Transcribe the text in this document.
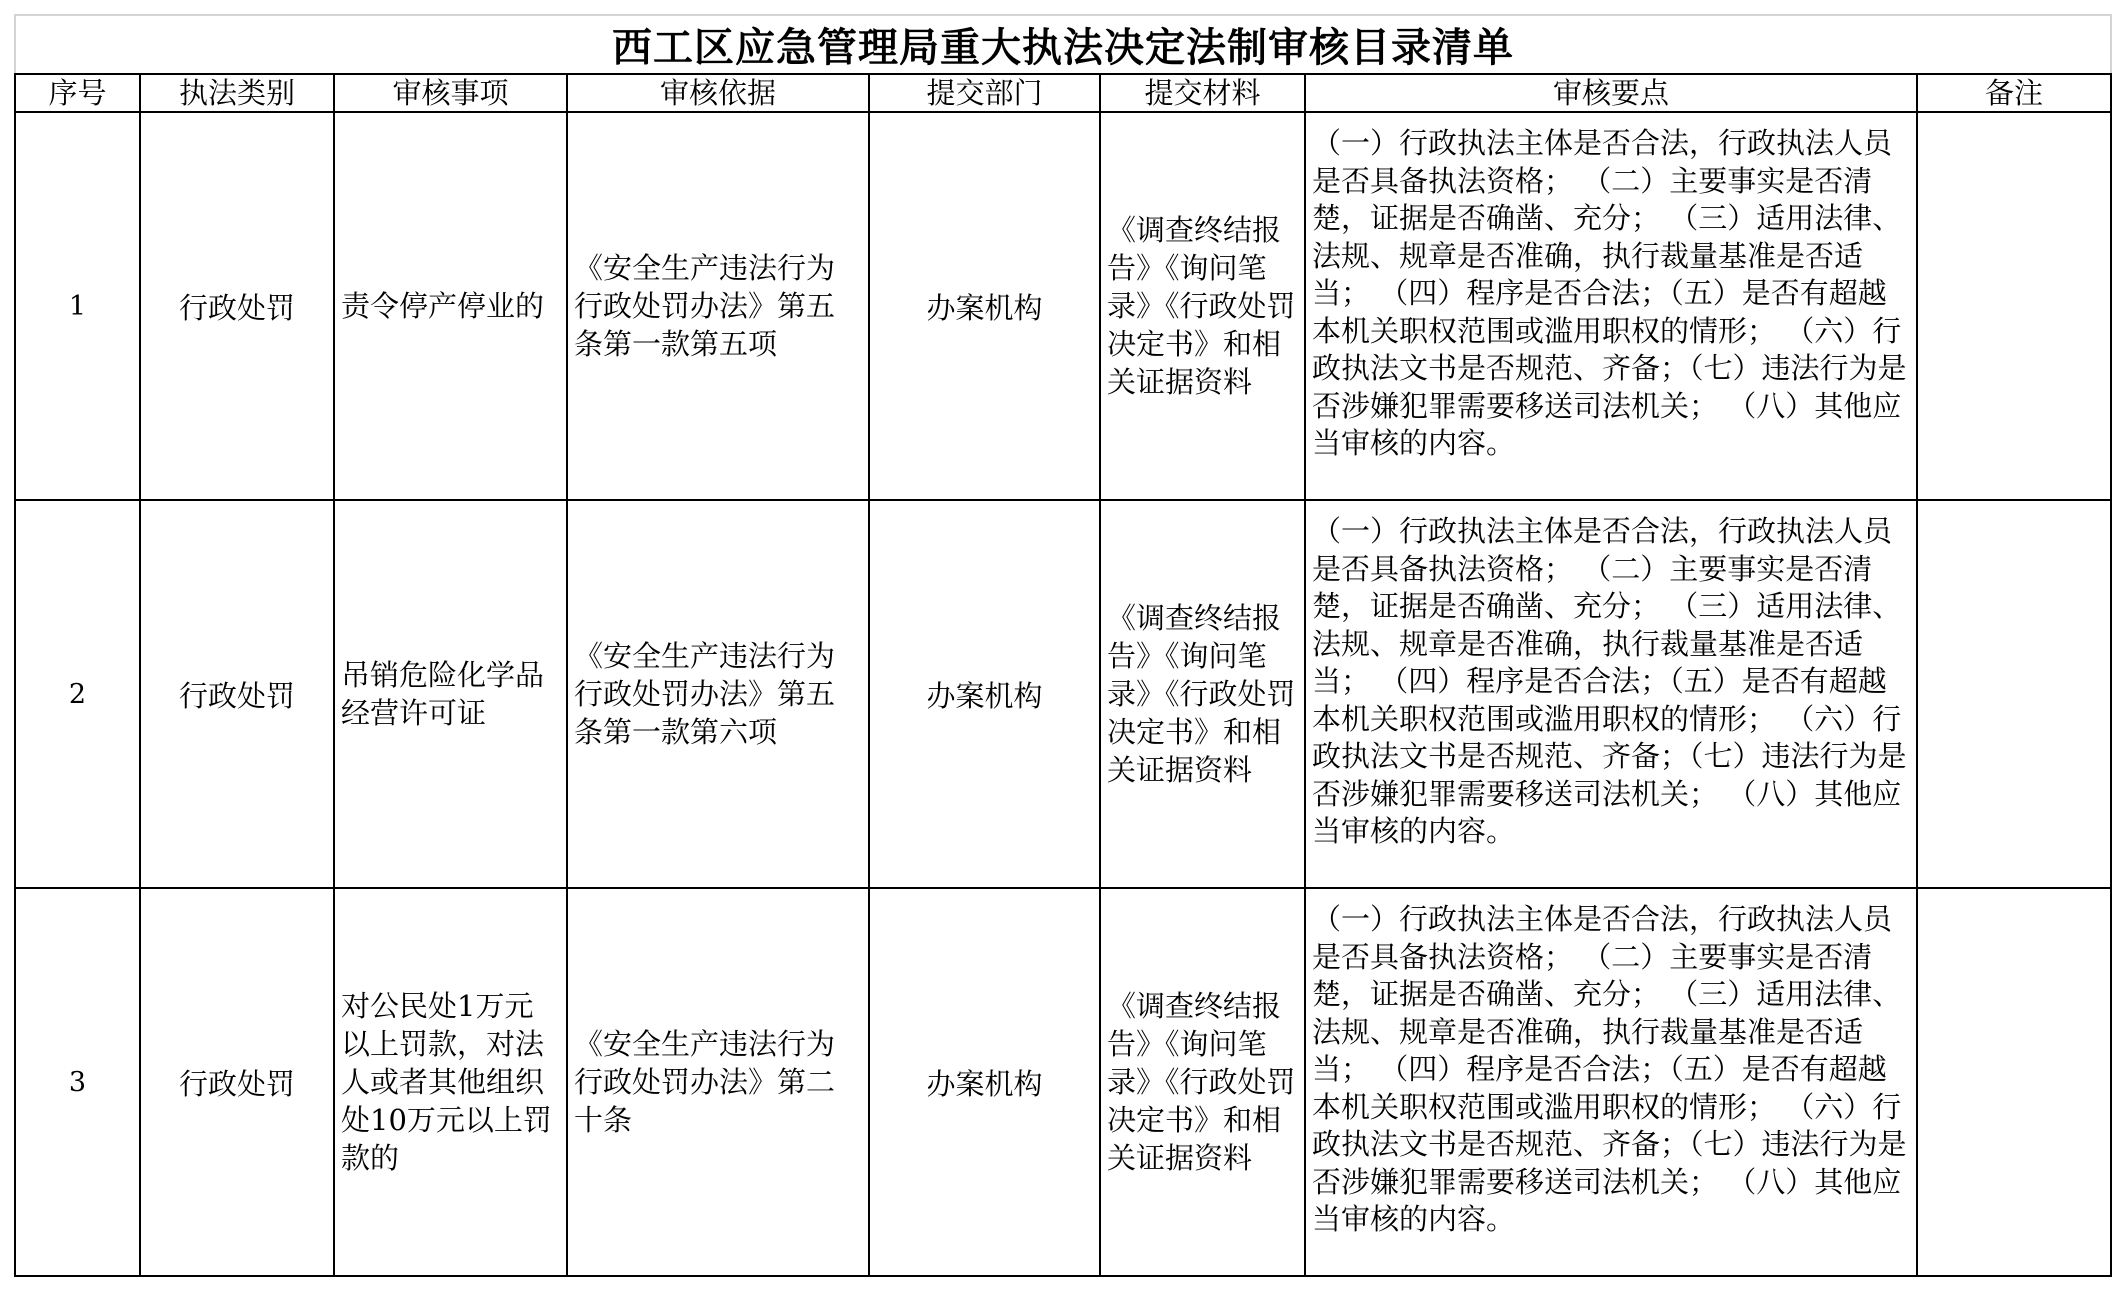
西工区应急管理局重大执法决定法制审核目录清单							
序号	执法类别	审核事项	审核依据	提交部门	提交材料	审核要点	备注
1	行政处罚	责令停产停业的	《安全生产违法行为行政处罚办法》第五条第一款第五项	办案机构	《调查终结报告》《询问笔录》《行政处罚决定书》和相关证据资料	（一）行政执法主体是否合法，行政执法人员是否具备执法资格； （二）主要事实是否清楚，证据是否确凿、充分； （三）适用法律、法规、规章是否准确，执行裁量基准是否适当； （四）程序是否合法；（五）是否有超越本机关职权范围或滥用职权的情形； （六）行政执法文书是否规范、齐备；（七）违法行为是否涉嫌犯罪需要移送司法机关； （八）其他应当审核的内容。	
2	行政处罚	吊销危险化学品经营许可证	《安全生产违法行为行政处罚办法》第五条第一款第六项	办案机构	《调查终结报告》《询问笔录》《行政处罚决定书》和相关证据资料	（一）行政执法主体是否合法，行政执法人员是否具备执法资格； （二）主要事实是否清楚，证据是否确凿、充分； （三）适用法律、法规、规章是否准确，执行裁量基准是否适当； （四）程序是否合法；（五）是否有超越本机关职权范围或滥用职权的情形； （六）行政执法文书是否规范、齐备；（七）违法行为是否涉嫌犯罪需要移送司法机关； （八）其他应当审核的内容。	
3	行政处罚	对公民处1万元以上罚款，对法人或者其他组织处10万元以上罚款的	《安全生产违法行为行政处罚办法》第二十条	办案机构	《调查终结报告》《询问笔录》《行政处罚决定书》和相关证据资料	（一）行政执法主体是否合法，行政执法人员是否具备执法资格； （二）主要事实是否清楚，证据是否确凿、充分； （三）适用法律、法规、规章是否准确，执行裁量基准是否适当； （四）程序是否合法；（五）是否有超越本机关职权范围或滥用职权的情形； （六）行政执法文书是否规范、齐备；（七）违法行为是否涉嫌犯罪需要移送司法机关； （八）其他应当审核的内容。	
